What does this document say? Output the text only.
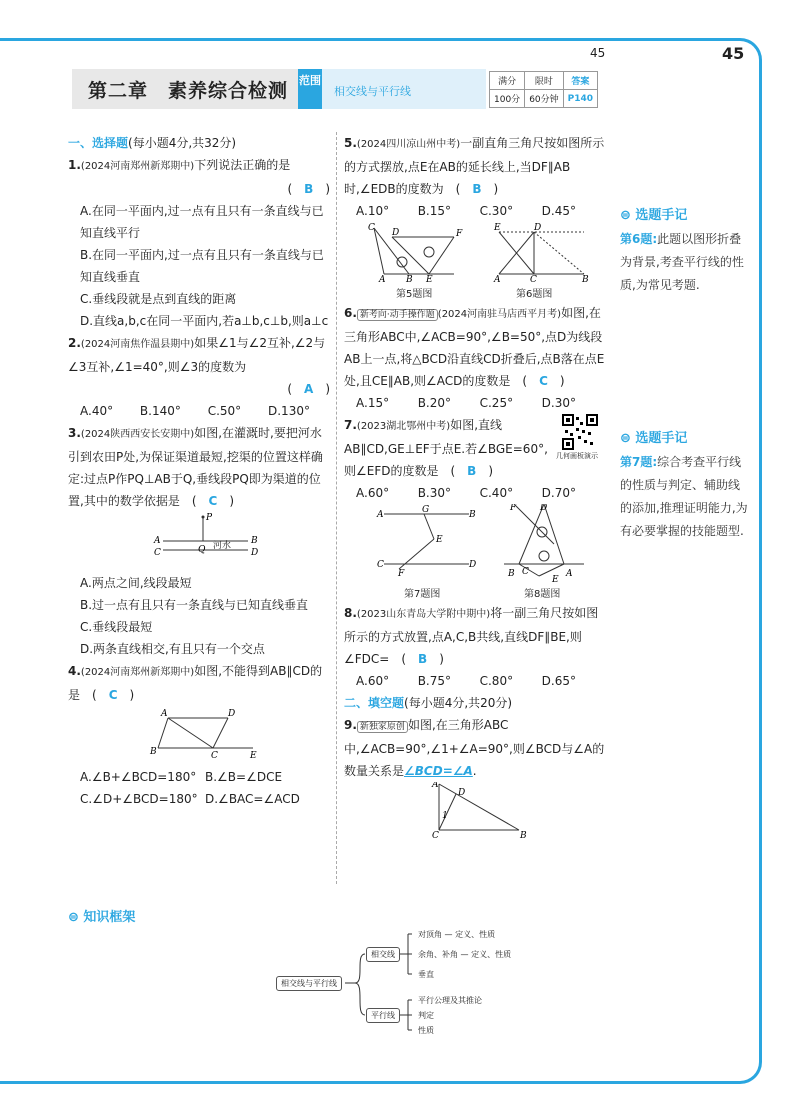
45	45
第二章　素养综合检测 范围
相交线与平行线
满分	限时	答案
100分	60分钟	P140

一、选择题(每小题4分,共32分)

1.(2024河南郑州新郑期中)下列说法正确的是

(　B　)

A.在同一平面内,过一点有且只有一条直线与已知直线平行

B.在同一平面内,过一点有且只有一条直线与已知直线垂直

C.垂线段就是点到直线的距离

D.直线a,b,c在同一平面内,若a⊥b,c⊥b,则a⊥c

2.(2024河南焦作温县期中)如果∠1与∠2互补,∠2与∠3互补,∠1=40°,则∠3的度数为

(　A　)

A.40° B.140° C.50° D.130°

3.(2024陕西西安长安期中)如图,在灌溉时,要把河水引到农田P处,为保证渠道最短,挖渠的位置这样确定:过点P作PQ⊥AB于Q,垂线段PQ即为渠道的位置,其中的数学依据是　(　C　)

P
A	B
C	D
Q 河水

A.两点之间,线段最短

B.过一点有且只有一条直线与已知直线垂直

C.垂线段最短

D.两条直线相交,有且只有一个交点

4.(2024河南郑州新郑期中)如图,不能得到AB∥CD的是　(　C　)

A	D
B	C	E

A.∠B+∠BCD=180° B.∠B=∠DCE

C.∠D+∠BCD=180° D.∠BAC=∠ACD

5.(2024四川凉山州中考)一副直角三角尺按如图所示的方式摆放,点E在AB的延长线上,当DF∥AB时,∠EDB的度数为　(　B　)

A.10° B.15° C.30° D.45°

C D	F
A B E
E	D
A	C	B
第5题图	第6题图

6. 新考向·动手操作题 (2024河南驻马店西平月考)如图,在三角形ABC中,∠ACB=90°,∠B=50°,点D为线段AB上一点,将△BCD沿直线CD折叠后,点B落在点E处,且CE∥AB,则∠ACD的度数是　(　C　)

A.15° B.20° C.25° D.30°

7.(2023湖北鄂州中考)如图,直线AB∥CD,GE⊥EF于点E.若∠BGE=60°,则∠EFD的度数是　(　B　)

几何画板演示

A.60° B.30° C.40° D.70°

A	B
G
E
C
F
D
F	D
B C	A
E
第7题图	第8题图

8.(2023山东青岛大学附中期中)将一副三角尺按如图所示的方式放置,点A,C,B共线,直线DF∥BE,则∠FDC=　(　B　)

A.60° B.75° C.80° D.65°

二、填空题(每小题4分,共20分)

9. 新独家原创 如图,在三角形ABC中,∠ACB=90°,∠1+∠A=90°,则∠BCD与∠A的数量关系是∠BCD=∠A.

A
D
1
C	B
⊜ 选题手记
第6题:此题以图形折叠为背景,考查平行线的性质,为常见考题.
⊜ 选题手记
第7题:综合考查平行线的性质与判定、辅助线的添加,推理证明能力,为有必要掌握的技能题型.
⊜ 知识框架
相交线与平行线
相交线
平行线
对顶角 — 定义、性质
余角、补角 — 定义、性质
垂直
平行公理及其推论
判定
性质
